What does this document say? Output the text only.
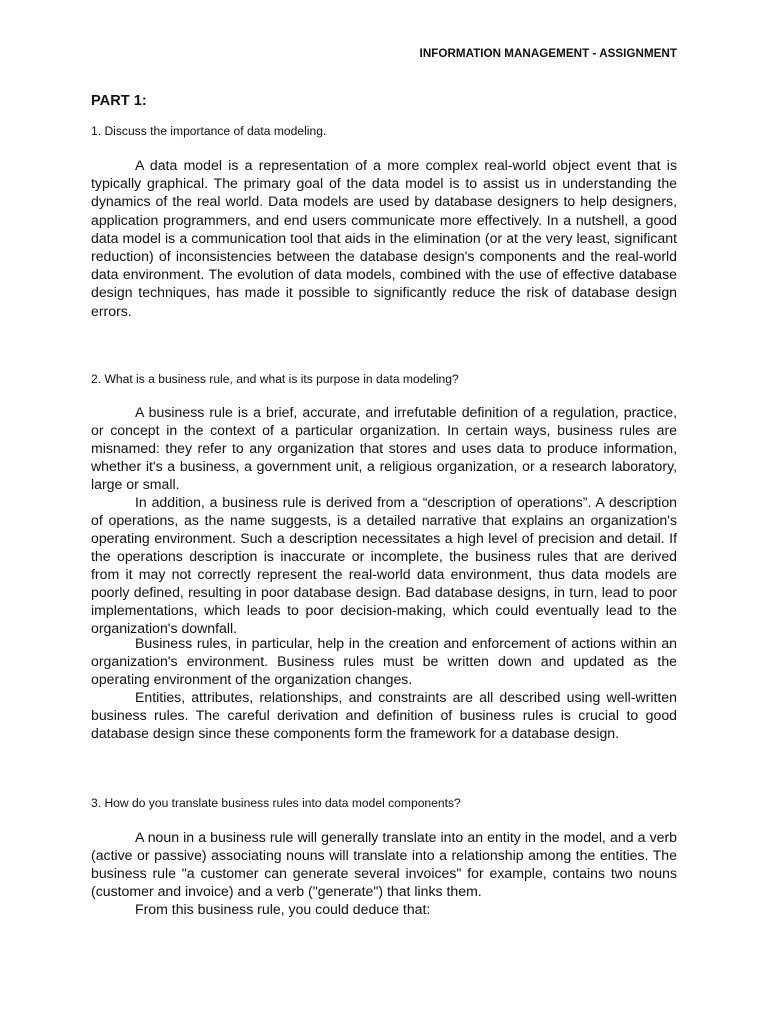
INFORMATION MANAGEMENT - ASSIGNMENT
PART 1:
1. Discuss the importance of data modeling.

A data model is a representation of a more complex real-world object event that is typically graphical. The primary goal of the data model is to assist us in understanding the dynamics of the real world. Data models are used by database designers to help designers, application programmers, and end users communicate more effectively. In a nutshell, a good data model is a communication tool that aids in the elimination (or at the very least, significant reduction) of inconsistencies between the database design's components and the real-world data environment. The evolution of data models, combined with the use of effective database design techniques, has made it possible to significantly reduce the risk of database design errors.

2. What is a business rule, and what is its purpose in data modeling?

A business rule is a brief, accurate, and irrefutable definition of a regulation, practice, or concept in the context of a particular organization. In certain ways, business rules are misnamed: they refer to any organization that stores and uses data to produce information, whether it's a business, a government unit, a religious organization, or a research laboratory, large or small.

In addition, a business rule is derived from a “description of operations”. A description of operations, as the name suggests, is a detailed narrative that explains an organization's operating environment. Such a description necessitates a high level of precision and detail. If the operations description is inaccurate or incomplete, the business rules that are derived from it may not correctly represent the real-world data environment, thus data models are poorly defined, resulting in poor database design. Bad database designs, in turn, lead to poor implementations, which leads to poor decision-making, which could eventually lead to the organization's downfall.

Business rules, in particular, help in the creation and enforcement of actions within an organization's environment. Business rules must be written down and updated as the operating environment of the organization changes.

Entities, attributes, relationships, and constraints are all described using well-written business rules. The careful derivation and definition of business rules is crucial to good database design since these components form the framework for a database design.

3. How do you translate business rules into data model components?

A noun in a business rule will generally translate into an entity in the model, and a verb (active or passive) associating nouns will translate into a relationship among the entities. The business rule "a customer can generate several invoices" for example, contains two nouns (customer and invoice) and a verb ("generate") that links them.

From this business rule, you could deduce that:
